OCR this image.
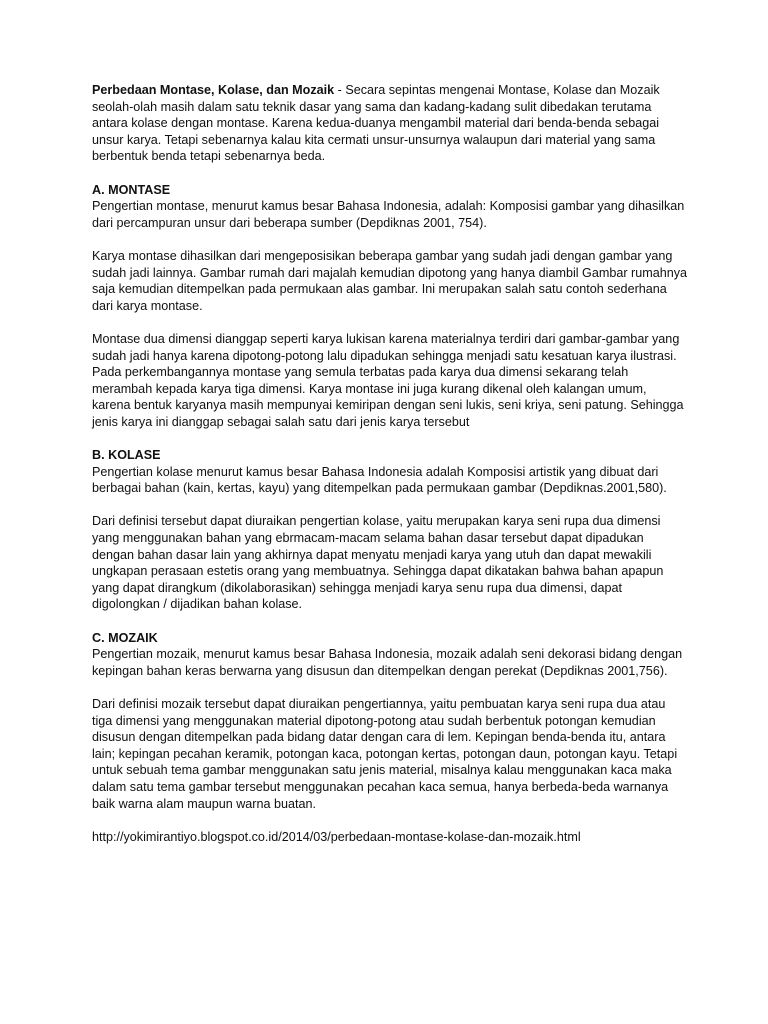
Perbedaan Montase, Kolase, dan Mozaik - Secara sepintas mengenai Montase, Kolase dan Mozaik seolah-olah masih dalam satu teknik dasar yang sama dan kadang-kadang sulit dibedakan terutama antara kolase dengan montase. Karena kedua-duanya mengambil material dari benda-benda sebagai unsur karya. Tetapi sebenarnya kalau kita cermati unsur-unsurnya walaupun dari material yang sama berbentuk benda tetapi sebenarnya beda.

A. MONTASE

Pengertian montase, menurut kamus besar Bahasa Indonesia, adalah: Komposisi gambar yang dihasilkan dari percampuran unsur dari beberapa sumber (Depdiknas 2001, 754).

Karya montase dihasilkan dari mengeposisikan beberapa gambar yang sudah jadi dengan gambar yang sudah jadi lainnya. Gambar rumah dari majalah kemudian dipotong yang hanya diambil Gambar rumahnya saja kemudian ditempelkan pada permukaan alas gambar. Ini merupakan salah satu contoh sederhana dari karya montase.

Montase dua dimensi dianggap seperti karya lukisan karena materialnya terdiri dari gambar-gambar yang sudah jadi hanya karena dipotong-potong lalu dipadukan sehingga menjadi satu kesatuan karya ilustrasi. Pada perkembangannya montase yang semula terbatas pada karya dua dimensi sekarang telah merambah kepada karya tiga dimensi. Karya montase ini juga kurang dikenal oleh kalangan umum, karena bentuk karyanya masih mempunyai kemiripan dengan seni lukis, seni kriya, seni patung. Sehingga jenis karya ini dianggap sebagai salah satu dari jenis karya tersebut

B. KOLASE

Pengertian kolase menurut kamus besar Bahasa Indonesia adalah Komposisi artistik yang dibuat dari berbagai bahan (kain, kertas, kayu) yang ditempelkan pada permukaan gambar (Depdiknas.2001,580).

Dari definisi tersebut dapat diuraikan pengertian kolase, yaitu merupakan karya seni rupa dua dimensi yang menggunakan bahan yang ebrmacam-macam selama bahan dasar tersebut dapat dipadukan dengan bahan dasar lain yang akhirnya dapat menyatu menjadi karya yang utuh dan dapat mewakili ungkapan perasaan estetis orang yang membuatnya. Sehingga dapat dikatakan bahwa bahan apapun yang dapat dirangkum (dikolaborasikan) sehingga menjadi karya senu rupa dua dimensi, dapat digolongkan / dijadikan bahan kolase.

C. MOZAIK

Pengertian mozaik, menurut kamus besar Bahasa Indonesia, mozaik adalah seni dekorasi bidang dengan kepingan bahan keras berwarna yang disusun dan ditempelkan dengan perekat (Depdiknas 2001,756).

Dari definisi mozaik tersebut dapat diuraikan pengertiannya, yaitu pembuatan karya seni rupa dua atau tiga dimensi yang menggunakan material dipotong-potong atau sudah berbentuk potongan kemudian disusun dengan ditempelkan pada bidang datar dengan cara di lem. Kepingan benda-benda itu, antara lain; kepingan pecahan keramik, potongan kaca, potongan kertas, potongan daun, potongan kayu. Tetapi untuk sebuah tema gambar menggunakan satu jenis material, misalnya kalau menggunakan kaca maka dalam satu tema gambar tersebut menggunakan pecahan kaca semua, hanya berbeda-beda warnanya baik warna alam maupun warna buatan.

http://yokimirantiyo.blogspot.co.id/2014/03/perbedaan-montase-kolase-dan-mozaik.html
